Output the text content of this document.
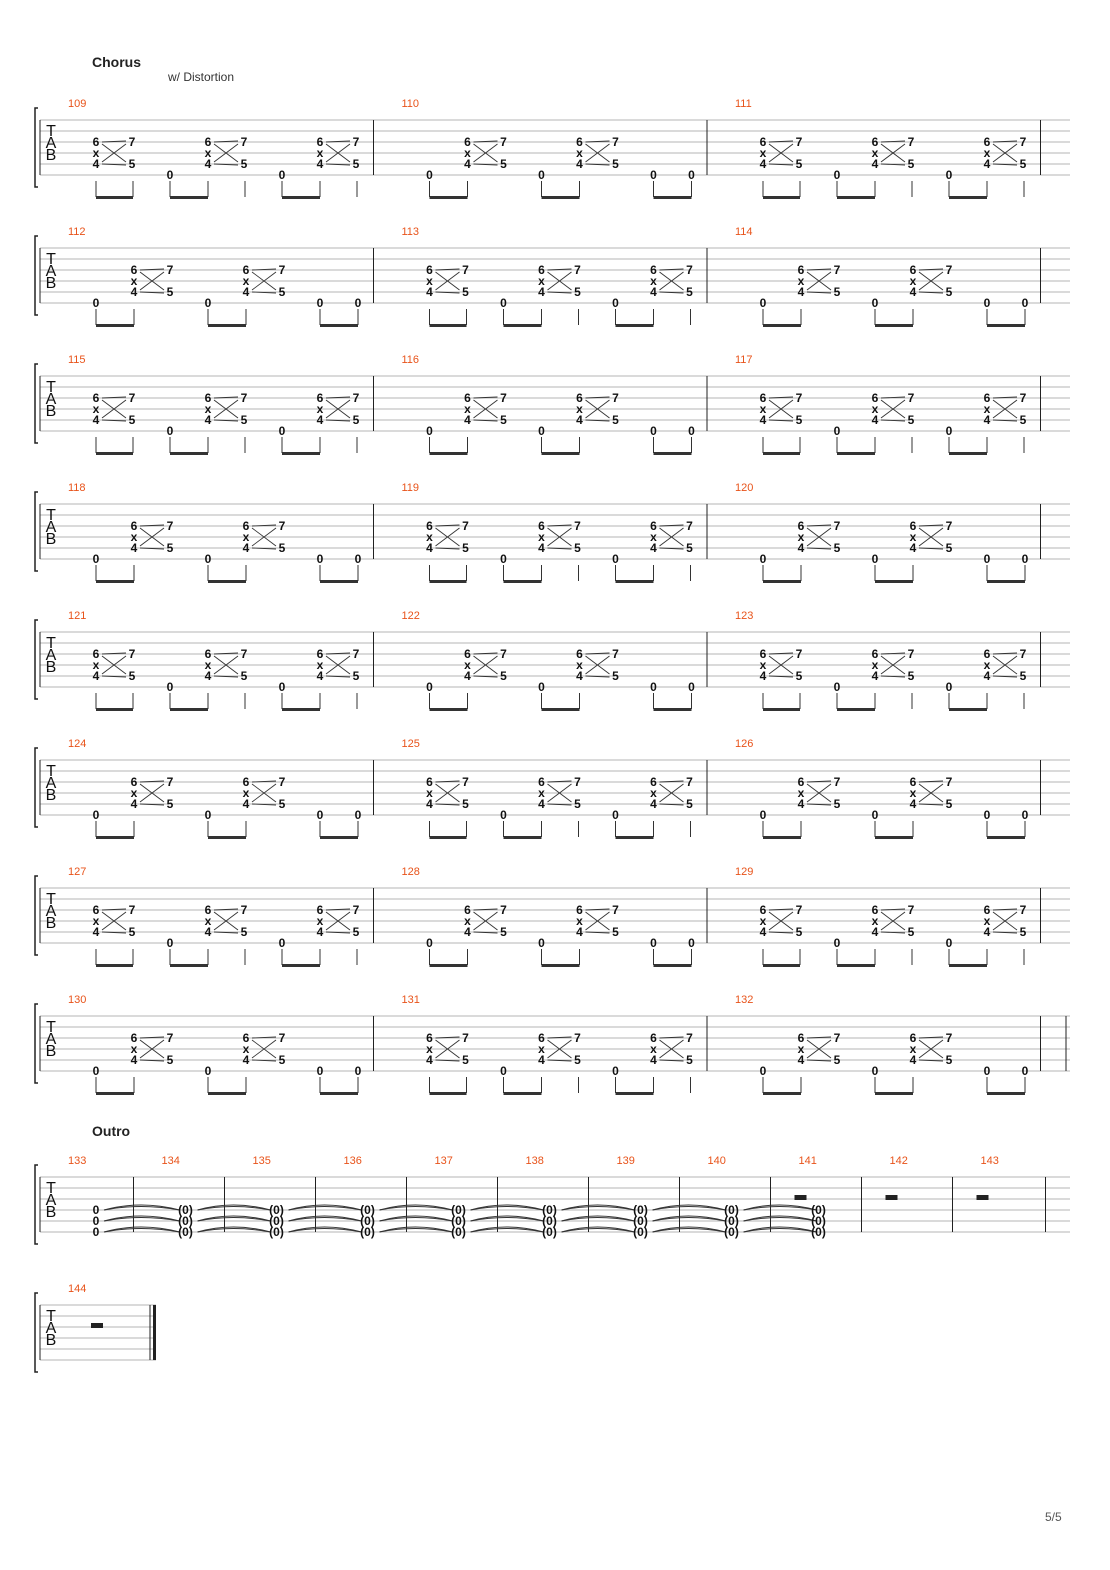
Chorus
w/ Distortion
Outro
5/5
T
A
B
109
6
x
4
7
5
0
6
x
4
7
5
0
6
x
4
7
5
110
0
6
x
4
7
5
0
6
x
4
7
5
0	0
111
6
x
4
7
5
0
6
x
4
7
5
0
6
x
4
7
5
T
A
B
112
0
6
x
4
7
5
0
6
x
4
7
5
0	0
113
6
x
4
7
5
0
6
x
4
7
5
0
6
x
4
7
5
114
0
6
x
4
7
5
0
6
x
4
7
5
0	0
T
A
B
115
6
x
4
7
5
0
6
x
4
7
5
0
6
x
4
7
5
116
0
6
x
4
7
5
0
6
x
4
7
5
0	0
117
6
x
4
7
5
0
6
x
4
7
5
0
6
x
4
7
5
T
A
B
118
0
6
x
4
7
5
0
6
x
4
7
5
0	0
119
6
x
4
7
5
0
6
x
4
7
5
0
6
x
4
7
5
120
0
6
x
4
7
5
0
6
x
4
7
5
0	0
T
A
B
121
6
x
4
7
5
0
6
x
4
7
5
0
6
x
4
7
5
122
0
6
x
4
7
5
0
6
x
4
7
5
0	0
123
6
x
4
7
5
0
6
x
4
7
5
0
6
x
4
7
5
T
A
B
124
0
6
x
4
7
5
0
6
x
4
7
5
0	0
125
6
x
4
7
5
0
6
x
4
7
5
0
6
x
4
7
5
126
0
6
x
4
7
5
0
6
x
4
7
5
0	0
T
A
B
127
6
x
4
7
5
0
6
x
4
7
5
0
6
x
4
7
5
128
0
6
x
4
7
5
0
6
x
4
7
5
0	0
129
6
x
4
7
5
0
6
x
4
7
5
0
6
x
4
7
5
T
A
B
130
0
6
x
4
7
5
0
6
x
4
7
5
0	0
131
6
x
4
7
5
0
6
x
4
7
5
0
6
x
4
7
5
132
0
6
x
4
7
5
0
6
x
4
7
5
0	0
T
A
B
133
0
0
0
134
(0)
(0)
(0)
135
(0)
(0)
(0)
136
(0)
(0)
(0)
137
(0)
(0)
(0)
138
(0)
(0)
(0)
139
(0)
(0)
(0)
140
(0)
(0)
(0)
(0)
(0)
(0)
141	142	143
T
A
B
144
